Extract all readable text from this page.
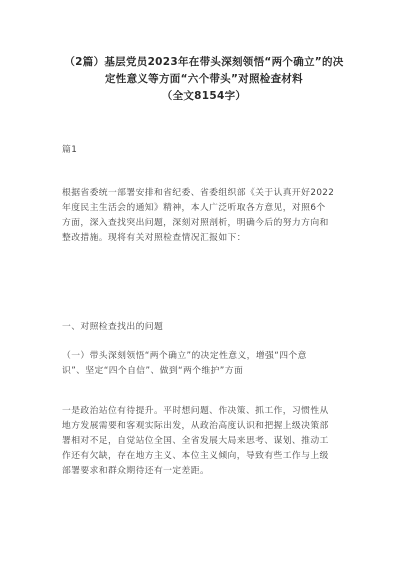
（2篇）基层党员2023年在带头深刻领悟“两个确立”的决
定性意义等方面“六个带头”对照检查材料
（全文8154字）
篇1
根据省委统一部署安排和省纪委、省委组织部《关于认真开好2022
年度民主生活会的通知》精神，本人广泛听取各方意见，对照6个
方面，深入查找突出问题，深刻对照剖析，明确今后的努力方向和
整改措施。现将有关对照检查情况汇报如下：
一、对照检查找出的问题
（一）带头深刻领悟“两个确立”的决定性意义，增强“四个意
识”、坚定“四个自信”、做到“两个维护”方面
一是政治站位有待提升。平时想问题、作决策、抓工作，习惯性从
地方发展需要和客观实际出发，从政治高度认识和把握上级决策部
署相对不足，自觉站位全国、全省发展大局来思考、谋划、推动工
作还有欠缺，存在地方主义、本位主义倾向，导致有些工作与上级
部署要求和群众期待还有一定差距。
